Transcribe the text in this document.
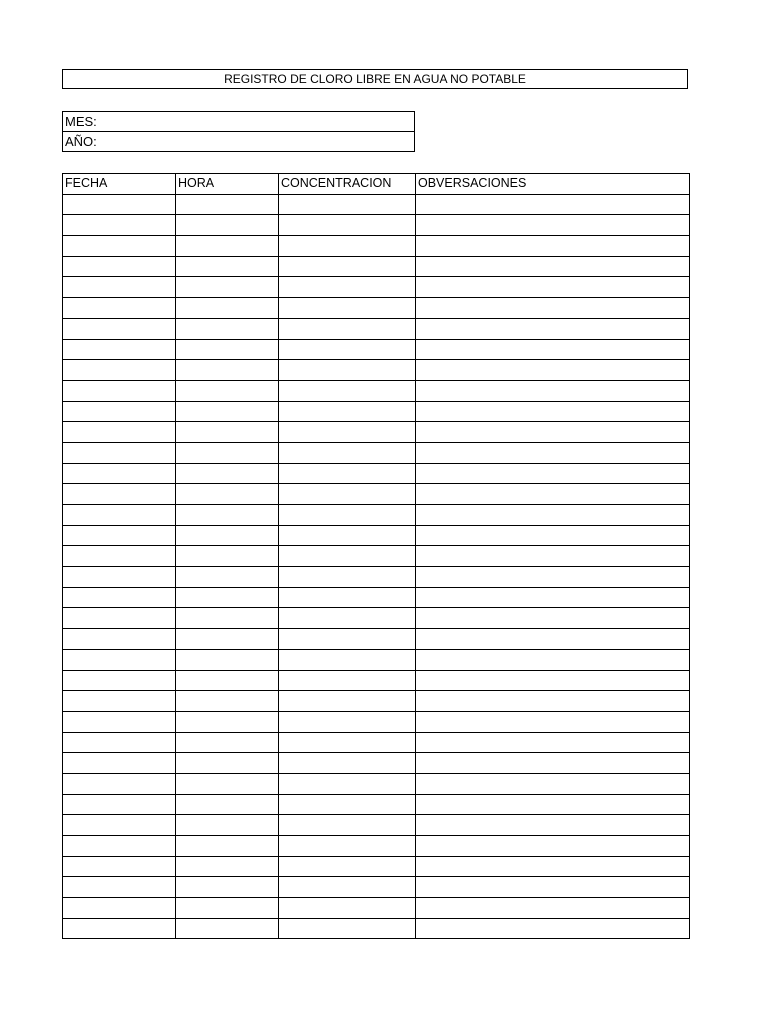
REGISTRO DE CLORO LIBRE EN AGUA NO POTABLE
MES:
AÑO:
FECHA	HORA	CONCENTRACION	OBVERSACIONES
